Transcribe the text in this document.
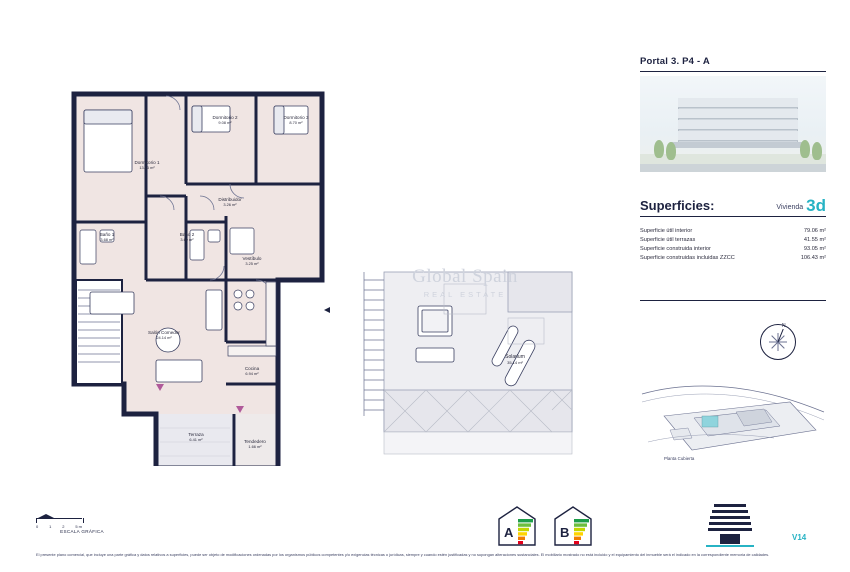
Portal 3. P4 - A
Superficies:	Vivienda 3d
Superficie útil interior	79.06 m²
Superficie útil terrazas	41.55 m²
Superficie construida interior	93.05 m²
Superficie construidas incluidas ZZCC	106.43 m²
N
Planta Cubierta
Dormitorio 1
13.16 m²
Dormitorio 2
9.08 m²
Dormitorio 3
8.70 m²
Distribuidor
3.26 m²
Baño 1
3.68 m²
Baño 2
3.60 m²
Vestíbulo
3.25 m²
Salón Comedor
24.14 m²
Cocina
6.94 m²
Terraza
6.41 m²	Tendedero
1.66 m²
Solarium
35.14 m²
Global Spain
REAL ESTATE
0	1	2	5 m
ESCALA GRÁFICA	A	B	V14
El presente plano comercial, que incluye una parte gráfica y datos relativos a superficies, puede ser objeto de modificaciones ordenadas por los organismos públicos competentes y/o exigencias técnicas o jurídicas, siempre y cuando estén justificadas y no supongan alteraciones sustanciales. El mobiliario mostrado no está incluido y el equipamiento del inmueble será el indicado en la correspondiente memoria de calidades.
